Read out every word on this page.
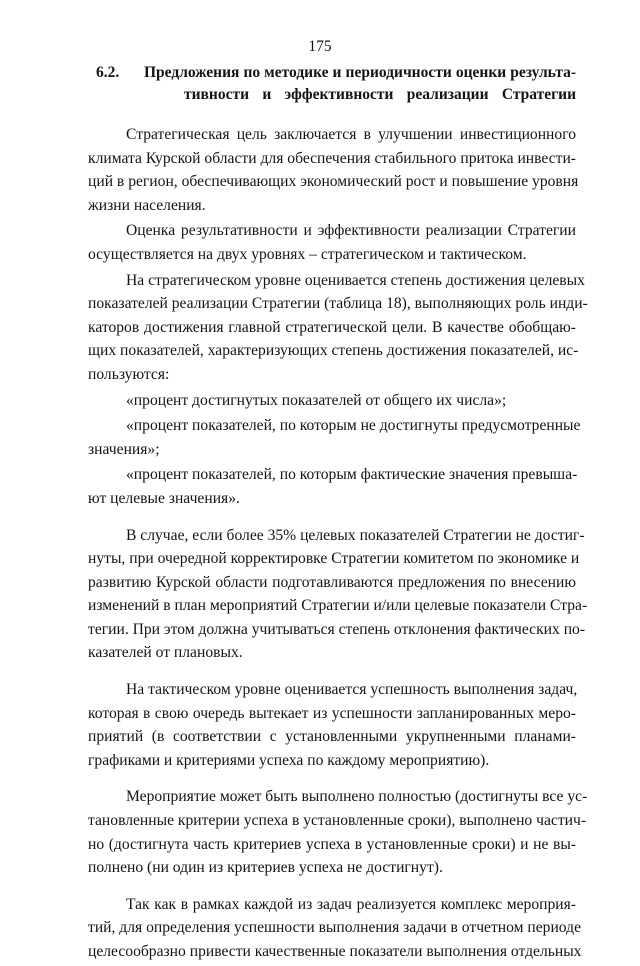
175
6.2.	Предложения по методике и периодичности оценки результа-
тивности и эффективности реализации Стратегии
Стратегическая цель заключается в улучшении инвестиционного
климата Курской области для обеспечения стабильного притока инвести-
ций в регион, обеспечивающих экономический рост и повышение уровня
жизни населения.
Оценка результативности и эффективности реализации Стратегии
осуществляется на двух уровнях – стратегическом и тактическом.
На стратегическом уровне оценивается степень достижения целевых
показателей реализации Стратегии (таблица 18), выполняющих роль инди-
каторов достижения главной стратегической цели. В качестве обобщаю-
щих показателей, характеризующих степень достижения показателей, ис-
пользуются:
«процент достигнутых показателей от общего их числа»;
«процент показателей, по которым не достигнуты предусмотренные
значения»;
«процент показателей, по которым фактические значения превыша-
ют целевые значения».
В случае, если более 35% целевых показателей Стратегии не достиг-
нуты, при очередной корректировке Стратегии комитетом по экономике и
развитию Курской области подготавливаются предложения по внесению
изменений в план мероприятий Стратегии и/или целевые показатели Стра-
тегии. При этом должна учитываться степень отклонения фактических по-
казателей от плановых.
На тактическом уровне оценивается успешность выполнения задач,
которая в свою очередь вытекает из успешности запланированных меро-
приятий (в соответствии с установленными укрупненными планами-
графиками и критериями успеха по каждому мероприятию).
Мероприятие может быть выполнено полностью (достигнуты все ус-
тановленные критерии успеха в установленные сроки), выполнено частич-
но (достигнута часть критериев успеха в установленные сроки) и не вы-
полнено (ни один из критериев успеха не достигнут).
Так как в рамках каждой из задач реализуется комплекс мероприя-
тий, для определения успешности выполнения задачи в отчетном периоде
целесообразно привести качественные показатели выполнения отдельных
